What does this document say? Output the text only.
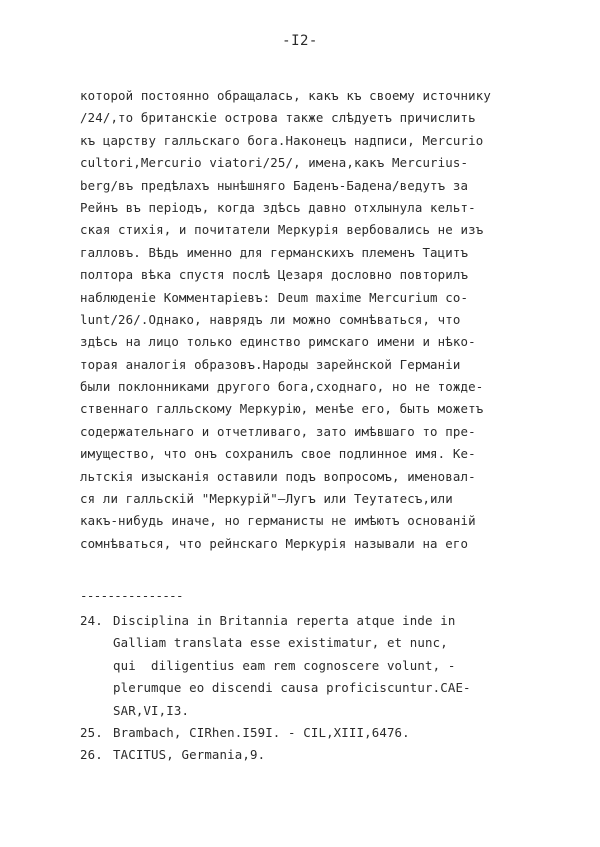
-I2-
которой постоянно обращалась, какъ къ своему источнику
/24/,то британскіе острова также слѣдуетъ причислить
къ царству галльскаго бога.Наконецъ надписи, Mercurio
cultori,Mercurio viatori/25/, имена,какъ Mercurius-
berg/въ предѣлахъ нынѣшняго Баденъ-Бадена/ведутъ за
Рейнъ въ періодъ, когда здѣсь давно отхлынула кельт-
ская стихія, и почитатели Меркурія вербовались не изъ
галловъ. Вѣдь именно для германскихъ племенъ Тацитъ
полтора вѣка спустя послѣ Цезаря дословно повторилъ
наблюденіе Комментаріевъ: Deum maxime Mercurium co-
lunt/26/.Однако, наврядъ ли можно сомнѣваться, что
здѣсь на лицо только единство римскаго имени и нѣко-
торая аналогія образовъ.Народы зарейнской Германіи
были поклонниками другого бога,сходнаго, но не тожде-
ственнаго галльскому Меркурію, менѣе его, быть можетъ
содержательнаго и отчетливаго, зато имѣвшаго то пре-
имущество, что онъ сохранилъ свое подлинное имя. Ке-
льтскія изысканія оставили подъ вопросомъ, именовал-
ся ли галльскій "Меркурій"—Лугъ или Теутатесъ,или
какъ-нибудь иначе, но германисты не имѣютъ основаній
сомнѣваться, что рейнскаго Меркурія называли на его
---------------
24. Disciplina in Britannia reperta atque inde in
Galliam translata esse existimatur, et nunc,
qui  diligentius eam rem cognoscere volunt, -
plerumque eo discendi causa proficiscuntur.CAE-
SAR,VI,I3.
25. Brambach, CIRhen.I59I. - CIL,XIII,6476.
26. TACITUS, Germania,9.
